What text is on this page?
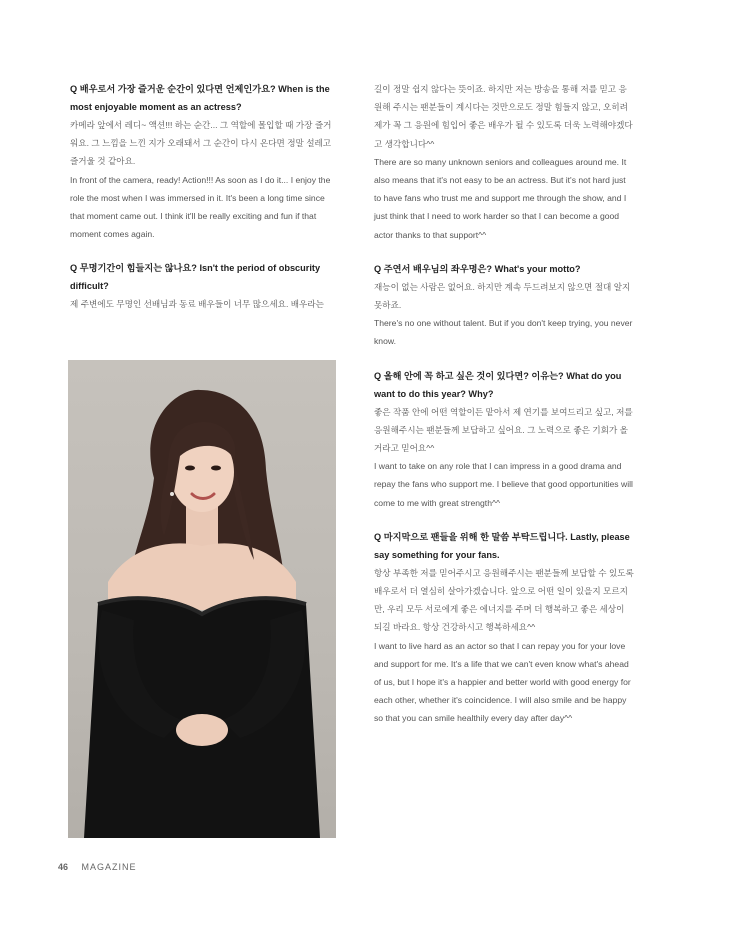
Q 배우로서 가장 즐거운 순간이 있다면 언제인가요? When is the most enjoyable moment as an actress?

카메라 앞에서 레디~ 액션!!! 하는 순간... 그 역할에 몰입할 때 가장 즐거워요. 그 느낌을 느낀 지가 오래돼서 그 순간이 다시 온다면 정말 설레고 즐거울 것 같아요.

In front of the camera, ready! Action!!! As soon as I do it... I enjoy the role the most when I was immersed in it. It's been a long time since that moment came out. I think it'll be really exciting and fun if that moment comes again.

Q 무명기간이 힘들지는 않나요? Isn't the period of obscurity difficult?

제 주변에도 무명인 선배님과 동료 배우들이 너무 많으세요. 배우라는

길이 정말 쉽지 않다는 뜻이죠. 하지만 저는 방송을 통해 저를 믿고 응원해 주시는 팬분들이 계시다는 것만으로도 정말 힘들지 않고, 오히려 제가 꼭 그 응원에 힘입어 좋은 배우가 될 수 있도록 더욱 노력해야겠다고 생각합니다^^

There are so many unknown seniors and colleagues around me. It also means that it's not easy to be an actress. But it's not hard just to have fans who trust me and support me through the show, and I just think that I need to work harder so that I can become a good actor thanks to that support^^

Q 주연서 배우님의 좌우명은? What's your motto?

재능이 없는 사람은 없어요. 하지만 계속 두드려보지 않으면 절대 알지 못하죠.

There's no one without talent. But if you don't keep trying, you never know.

Q 올해 안에 꼭 하고 싶은 것이 있다면? 이유는? What do you want to do this year? Why?

좋은 작품 안에 어떤 역할이든 맡아서 제 연기를 보여드리고 싶고, 저를 응원해주시는 팬분들께 보답하고 싶어요. 그 노력으로 좋은 기회가 올 거라고 믿어요^^

I want to take on any role that I can impress in a good drama and repay the fans who support me. I believe that good opportunities will come to me with great strength^^

Q 마지막으로 팬들을 위해 한 말씀 부탁드립니다. Lastly, please say something for your fans.

항상 부족한 저를 믿어주시고 응원해주시는 팬분들께 보답할 수 있도록 배우로서 더 열심히 살아가겠습니다. 앞으로 어떤 일이 있을지 모르지만, 우리 모두 서로에게 좋은 에너지를 주며 더 행복하고 좋은 세상이 되길 바라요. 항상 건강하시고 행복하세요^^

I want to live hard as an actor so that I can repay you for your love and support for me. It's a life that we can't even know what's ahead of us, but I hope it's a happier and better world with good energy for each other, whether it's coincidence. I will also smile and be happy so that you can smile healthily every day after day^^

46 MAGAZINE
